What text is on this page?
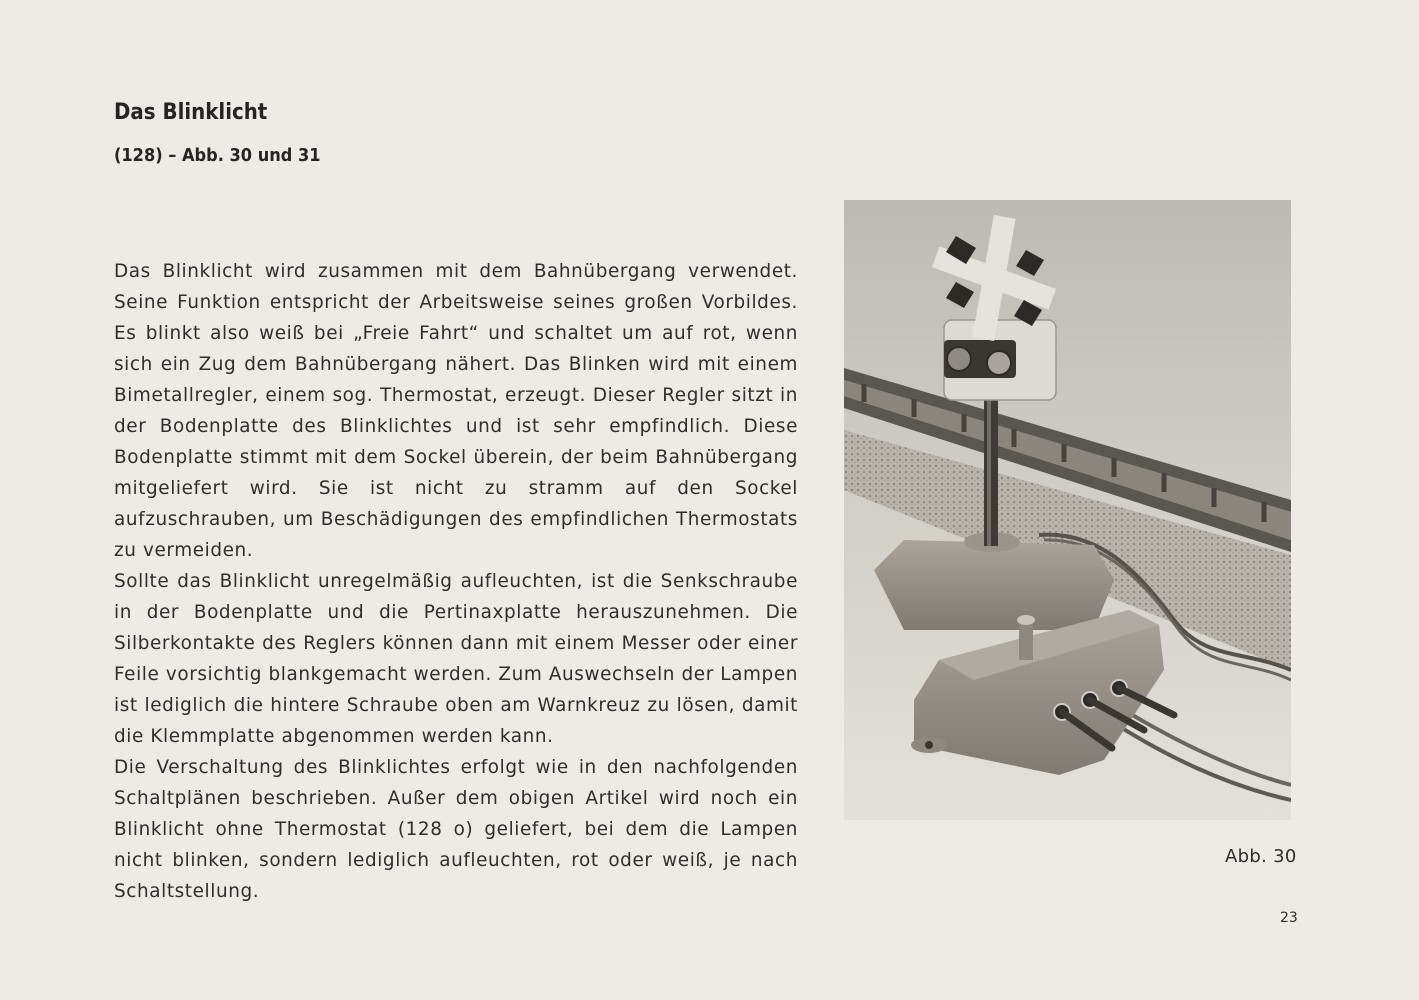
Das Blinklicht
(128) – Abb. 30 und 31

Das Blinklicht wird zusammen mit dem Bahnübergang verwendet. Seine Funktion entspricht der Arbeitsweise seines großen Vorbildes. Es blinkt also weiß bei „Freie Fahrt“ und schaltet um auf rot, wenn sich ein Zug dem Bahnübergang nähert. Das Blinken wird mit einem Bimetallregler, einem sog. Thermostat, erzeugt. Dieser Regler sitzt in der Bodenplatte des Blinklichtes und ist sehr empfindlich. Diese Bodenplatte stimmt mit dem Sockel überein, der beim Bahnübergang mitgeliefert wird. Sie ist nicht zu stramm auf den Sockel aufzuschrauben, um Beschädigungen des empfindlichen Thermostats zu vermeiden.

Sollte das Blinklicht unregelmäßig aufleuchten, ist die Senkschraube in der Bodenplatte und die Pertinaxplatte herauszunehmen. Die Silberkontakte des Reglers können dann mit einem Messer oder einer Feile vorsichtig blankgemacht werden. Zum Auswechseln der Lampen ist lediglich die hintere Schraube oben am Warnkreuz zu lösen, damit die Klemmplatte abgenommen werden kann.

Die Verschaltung des Blinklichtes erfolgt wie in den nachfolgenden Schaltplänen beschrieben. Außer dem obigen Artikel wird noch ein Blinklicht ohne Thermostat (128 o) geliefert, bei dem die Lampen nicht blinken, sondern lediglich aufleuchten, rot oder weiß, je nach Schaltstellung.

Abb. 30
23
